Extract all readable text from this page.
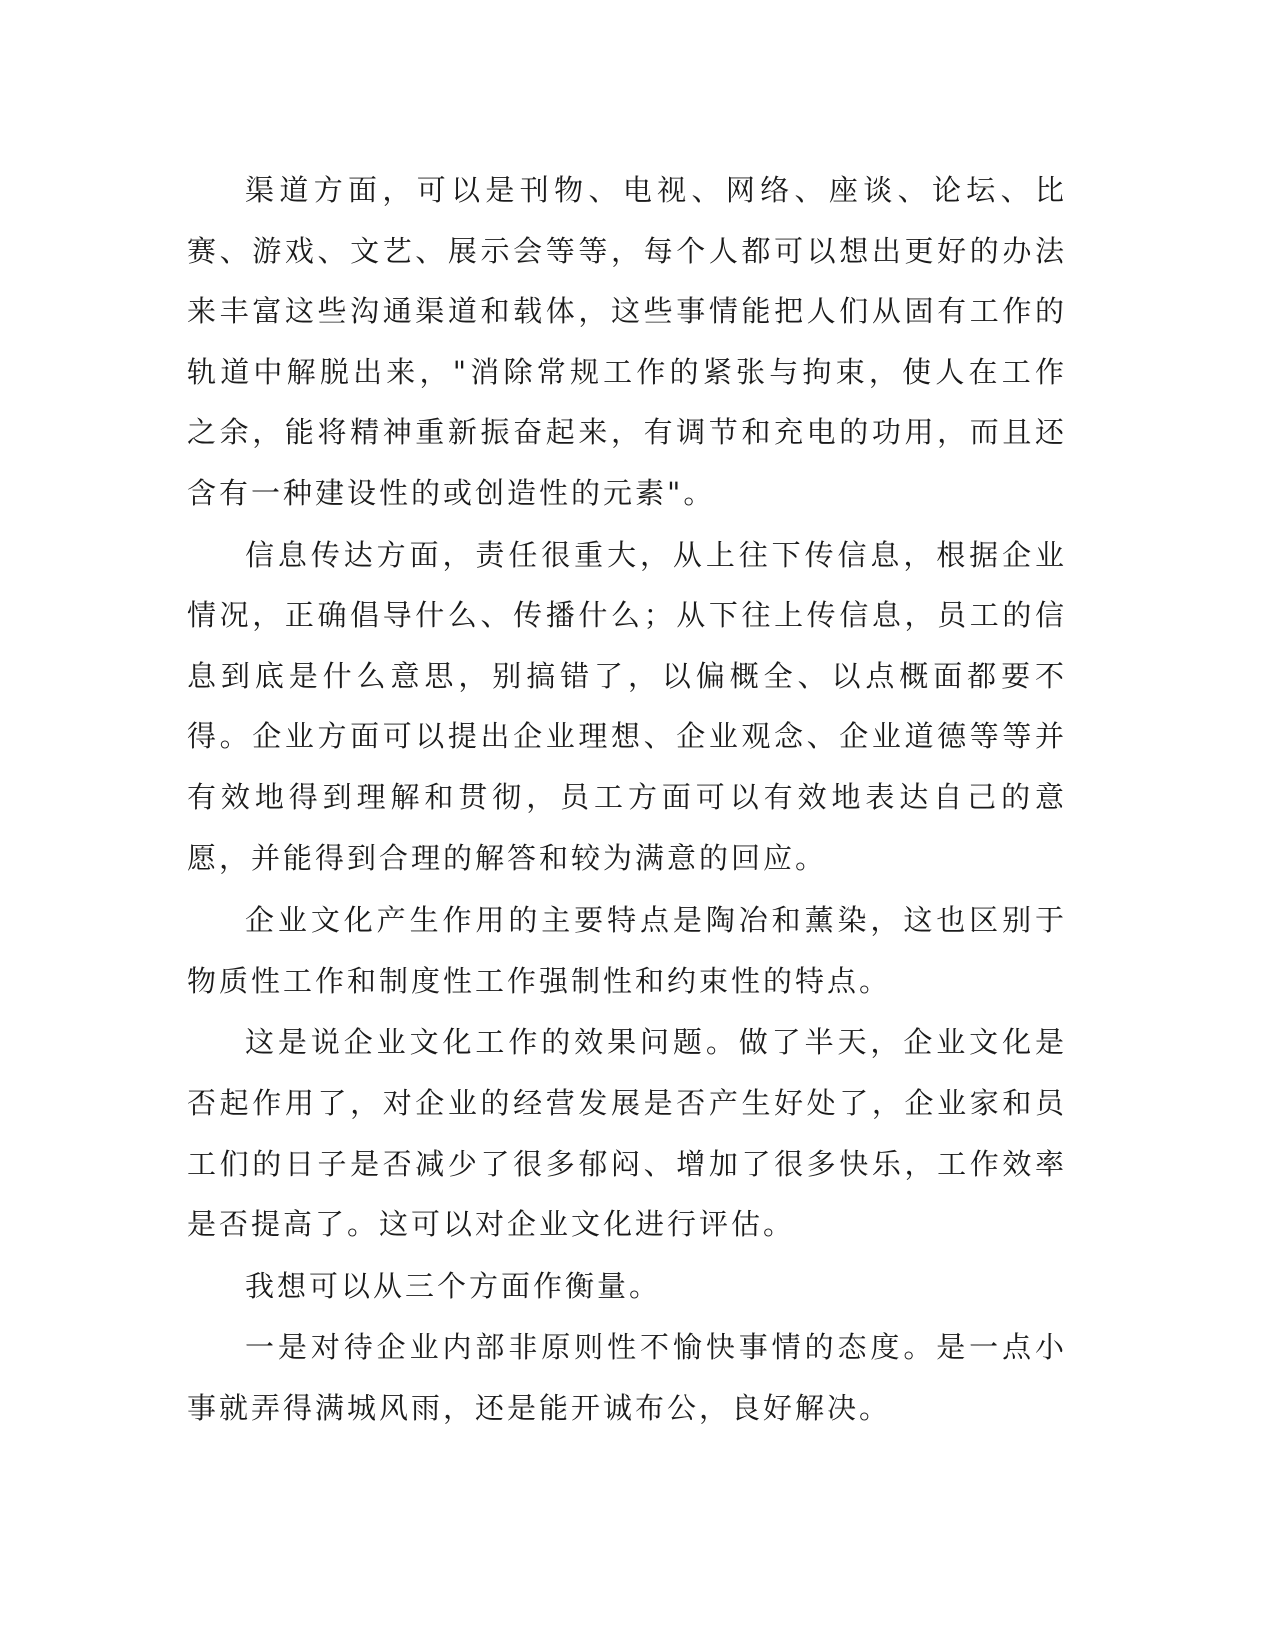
渠道方面，可以是刊物、电视、网络、座谈、论坛、比赛、游戏、文艺、展示会等等，每个人都可以想出更好的办法来丰富这些沟通渠道和载体，这些事情能把人们从固有工作的轨道中解脱出来，"消除常规工作的紧张与拘束，使人在工作之余，能将精神重新振奋起来，有调节和充电的功用，而且还含有一种建设性的或创造性的元素"。

信息传达方面，责任很重大，从上往下传信息，根据企业情况，正确倡导什么、传播什么；从下往上传信息，员工的信息到底是什么意思，别搞错了，以偏概全、以点概面都要不得。企业方面可以提出企业理想、企业观念、企业道德等等并有效地得到理解和贯彻，员工方面可以有效地表达自己的意愿，并能得到合理的解答和较为满意的回应。

企业文化产生作用的主要特点是陶冶和薰染，这也区别于物质性工作和制度性工作强制性和约束性的特点。

这是说企业文化工作的效果问题。做了半天，企业文化是否起作用了，对企业的经营发展是否产生好处了，企业家和员工们的日子是否减少了很多郁闷、增加了很多快乐，工作效率是否提高了。这可以对企业文化进行评估。

我想可以从三个方面作衡量。

一是对待企业内部非原则性不愉快事情的态度。是一点小事就弄得满城风雨，还是能开诚布公，良好解决。
